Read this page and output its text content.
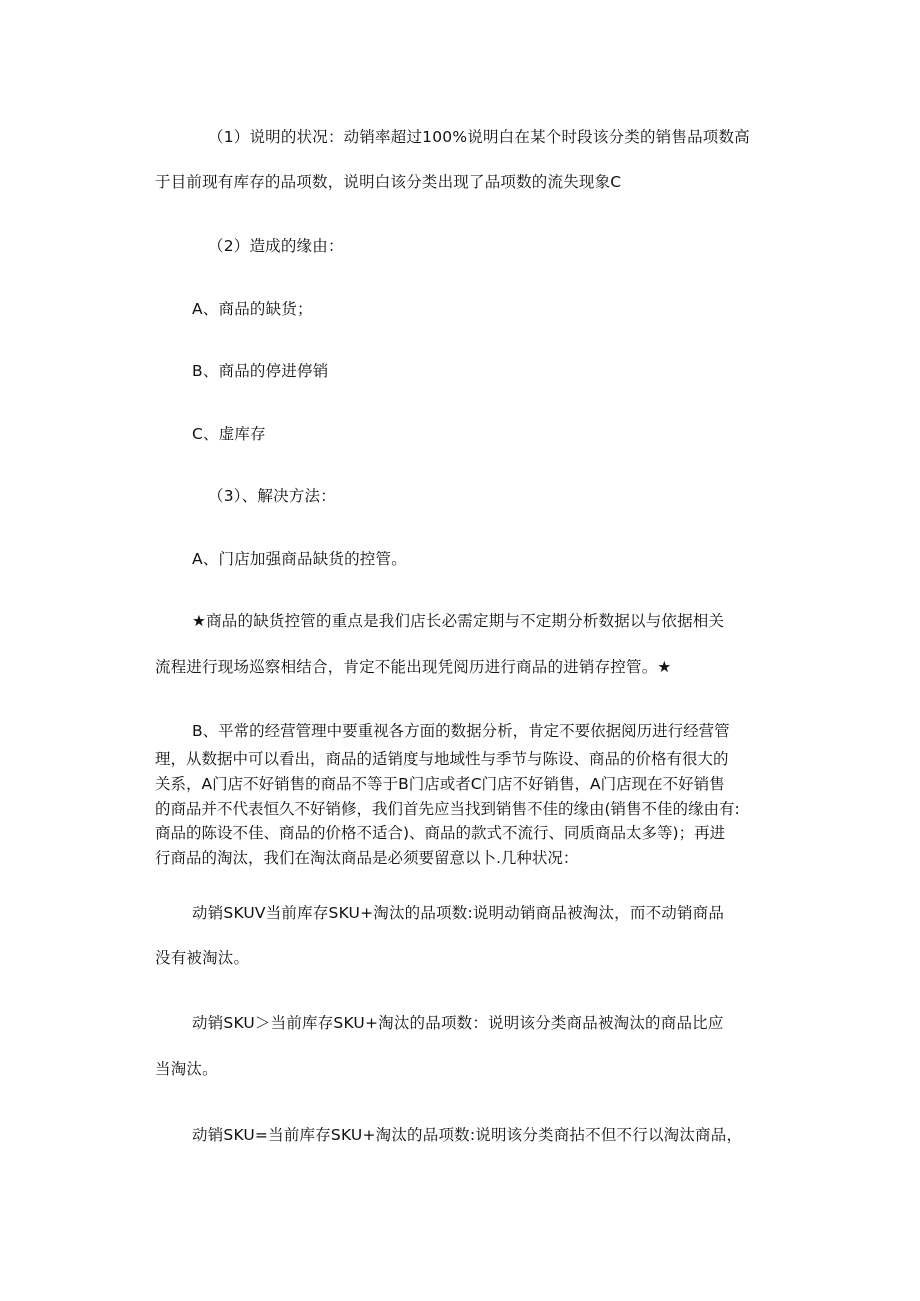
（1）说明的状况：动销率超过100%说明白在某个时段该分类的销售品项数高
于目前现有库存的品项数，说明白该分类出现了品项数的流失现象C
（2）造成的缘由：
A、商品的缺货；
B、商品的停进停销
C、虚库存
（3）、解决方法：
A、门店加强商品缺货的控管。
★商品的缺货控管的重点是我们店长必需定期与不定期分析数据以与依据相关
流程进行现场巡察相结合，肯定不能出现凭阅历进行商品的进销存控管。★
B、平常的经营管理中要重视各方面的数据分析，肯定不要依据阅历进行经营管
理，从数据中可以看出，商品的适销度与地域性与季节与陈设、商品的价格有很大的
关系，A门店不好销售的商品不等于B门店或者C门店不好销售，A门店现在不好销售
的商品并不代表恒久不好销修，我们首先应当找到销售不佳的缘由(销售不佳的缘由有:
商品的陈设不佳、商品的价格不适合)、商品的款式不流行、同质商品太多等)；再进
行商品的淘汰，我们在淘汰商品是必须要留意以卜.几种状况：
动销SKUV当前库存SKU+淘汰的品项数:说明动销商品被淘汰，而不动销商品
没有被淘汰。
动销SKU＞当前库存SKU+淘汰的品项数：说明该分类商品被淘汰的商品比应
当淘汰。
动销SKU=当前库存SKU+淘汰的品项数:说明该分类商拈不但不行以淘汰商品，
